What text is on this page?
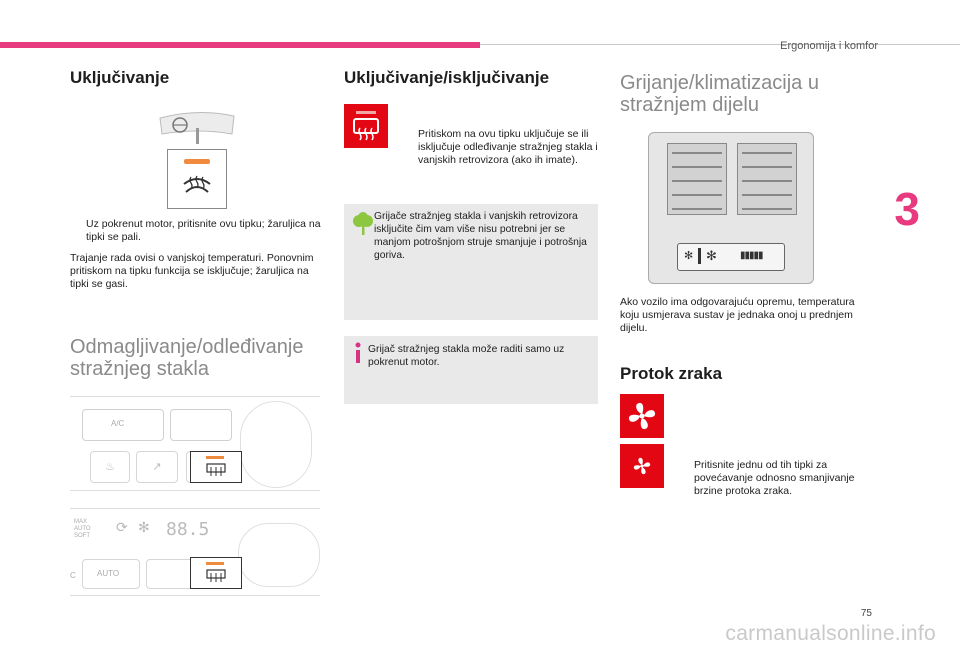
Ergonomija i komfor
3
Uključivanje
Uz pokrenut motor, pritisnite ovu tipku; žaruljica na tipki se pali.

Trajanje rada ovisi o vanjskoj temperaturi. Ponovnim pritiskom na tipku funkcija se isključuje; žaruljica na tipki se gasi.

Odmagljivanje/odleđivanje stražnjeg stakla
A/C
♨	↗
MAX
AUTO
SOFT
⟳ ✻ 88.5
C	AUTO
Uključivanje/isključivanje
Pritiskom na ovu tipku uključuje se ili isključuje odleđivanje stražnjeg stakla i vanjskih retrovizora (ako ih imate).

Grijače stražnjeg stakla i vanjskih retrovizora isključite čim vam više nisu potrebni jer se manjom potrošnjom struje smanjuje i potrošnja goriva.

Grijač stražnjeg stakla može raditi samo uz pokrenut motor.

Grijanje/klimatizacija u stražnjem dijelu
✻ ✻ ▮▮▮▮▮

Ako vozilo ima odgovarajuću opremu, temperatura koju usmjerava sustav je jednaka onoj u prednjem dijelu.

Protok zraka
Pritisnite jednu od tih tipki za povećavanje odnosno smanjivanje brzine protoka zraka.
75
carmanualsonline.info
